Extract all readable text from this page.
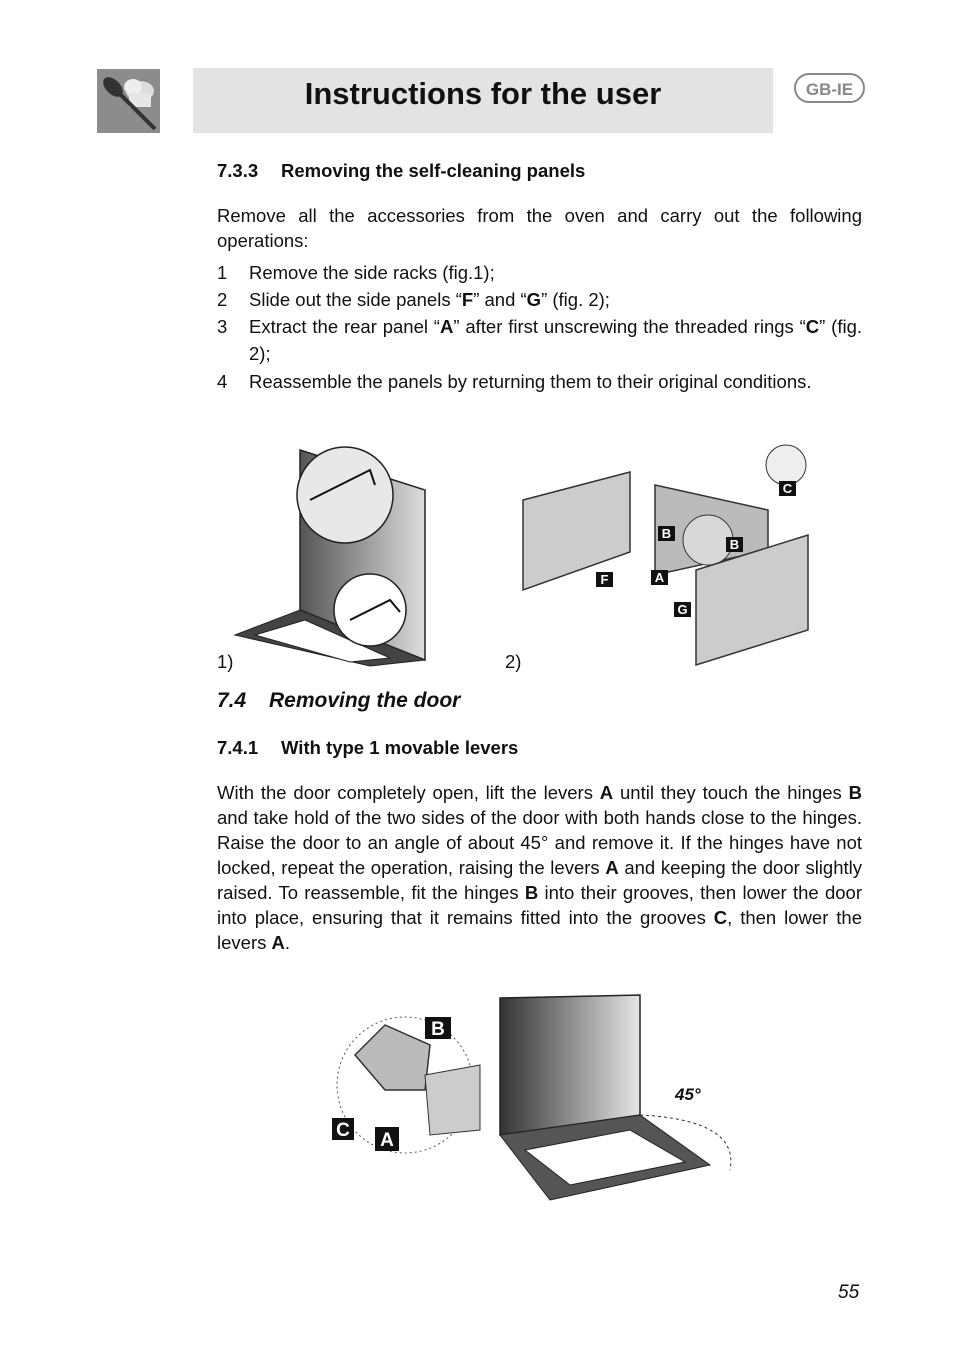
Instructions for the user	GB-IE
7.3.3 Removing the self-cleaning panels
Remove all the accessories from the oven and carry out the following operations:
1 Remove the side racks (fig.1);
2 Slide out the side panels “F” and “G” (fig. 2);
3 Extract the rear panel “A” after first unscrewing the threaded rings “C” (fig. 2);
4 Reassemble the panels by returning them to their original conditions.
1)
C
B
B
A
F
G
2)
7.4 Removing the door
7.4.1 With type 1 movable levers
With the door completely open, lift the levers A until they touch the hinges B and take hold of the two sides of the door with both hands close to the hinges. Raise the door to an angle of about 45° and remove it. If the hinges have not locked, repeat the operation, raising the levers A and keeping the door slightly raised. To reassemble, fit the hinges B into their grooves, then lower the door into place, ensuring that it remains fitted into the grooves C, then lower the levers A.
B
C A
45°
55
